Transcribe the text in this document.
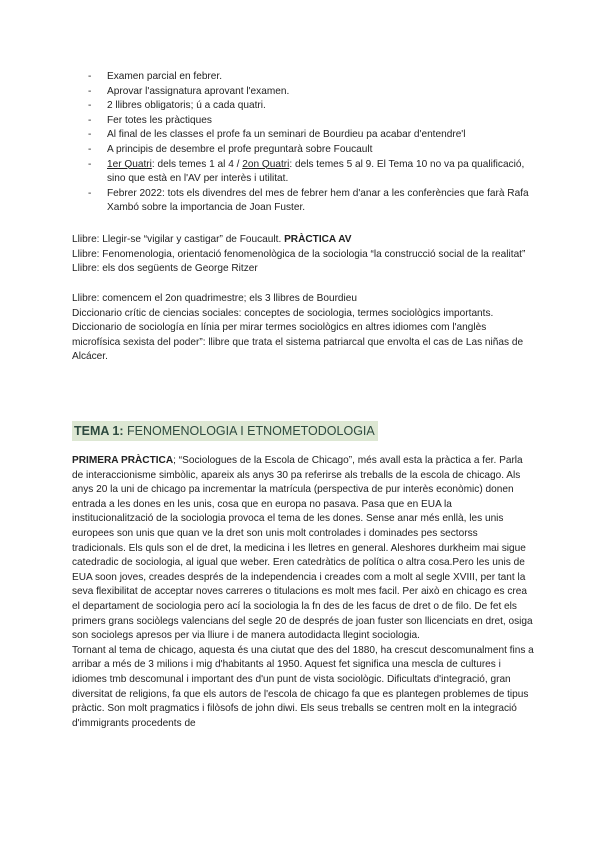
- Examen parcial en febrer.
- Aprovar l'assignatura aprovant l'examen.
- 2 llibres obligatoris; ú a cada quatri.
- Fer totes les pràctiques
- Al final de les classes el profe fa un seminari de Bourdieu pa acabar d'entendre'l
- A principis de desembre el profe preguntarà sobre Foucault
- 1er Quatri: dels temes 1 al 4 / 2on Quatri: dels temes 5 al 9. El Tema 10 no va pa qualificació, sino que està en l'AV per interès i utilitat.
- Febrer 2022: tots els divendres del mes de febrer hem d'anar a les conferències que farà Rafa Xambó sobre la importancia de Joan Fuster.
Llibre: Llegir-se “vigilar y castigar” de Foucault. PRÀCTICA AV
Llibre: Fenomenologia, orientació fenomenològica de la sociologia “la construcció social de la realitat”
Llibre: els dos següents de George Ritzer
Llibre: comencem el 2on quadrimestre; els 3 llibres de Bourdieu
Diccionario crític de ciencias sociales: conceptes de sociologia, termes sociològics importants.
Diccionario de sociología en línia per mirar termes sociològics en altres idiomes com l'anglès microfísica sexista del poder”: llibre que trata el sistema patriarcal que envolta el cas de Las niñas de Alcácer.
TEMA 1: FENOMENOLOGIA I ETNOMETODOLOGIA
PRIMERA PRÀCTICA; “Sociologues de la Escola de Chicago”, més avall esta la pràctica a fer. Parla de interaccionisme simbòlic, apareix als anys 30 pa referirse als treballs de la escola de chicago. Als anys 20 la uni de chicago pa incrementar la matrícula (perspectiva de pur interès econòmic) donen entrada a les dones en les unis, cosa que en europa no pasava. Pasa que en EUA la institucionalització de la sociologia provoca el tema de les dones. Sense anar més enllà, les unis europees son unis que quan ve la dret son unis molt controlades i dominades pes sectorss tradicionals. Els quls son el de dret, la medicina i les lletres en general. Aleshores durkheim mai sigue catedradic de sociologia, al igual que weber. Eren catedràtics de política o altra cosa.Pero les unis de EUA soon joves, creades després de la independencia i creades com a molt al segle XVIII, per tant la seva flexibilitat de acceptar noves carreres o titulacions es molt mes facil. Per això en chicago es crea el departament de sociologia pero ací la sociologia la fn des de les facus de dret o de filo. De fet els primers grans sociòlegs valencians del segle 20 de després de joan fuster son llicenciats en dret, osiga son sociolegs apresos per via lliure i de manera autodidacta llegint sociologia.
Tornant al tema de chicago, aquesta és una ciutat que des del 1880, ha crescut descomunalment fins a arribar a més de 3 milions i mig d'habitants al 1950. Aquest fet significa una mescla de cultures i idiomes tmb descomunal i important des d'un punt de vista sociològic. Dificultats d'integració, gran diversitat de religions, fa que els autors de l'escola de chicago fa que es plantegen problemes de tipus pràctic. Son molt pragmatics i filòsofs de john diwi. Els seus treballs se centren molt en la integració d'immigrants procedents de
